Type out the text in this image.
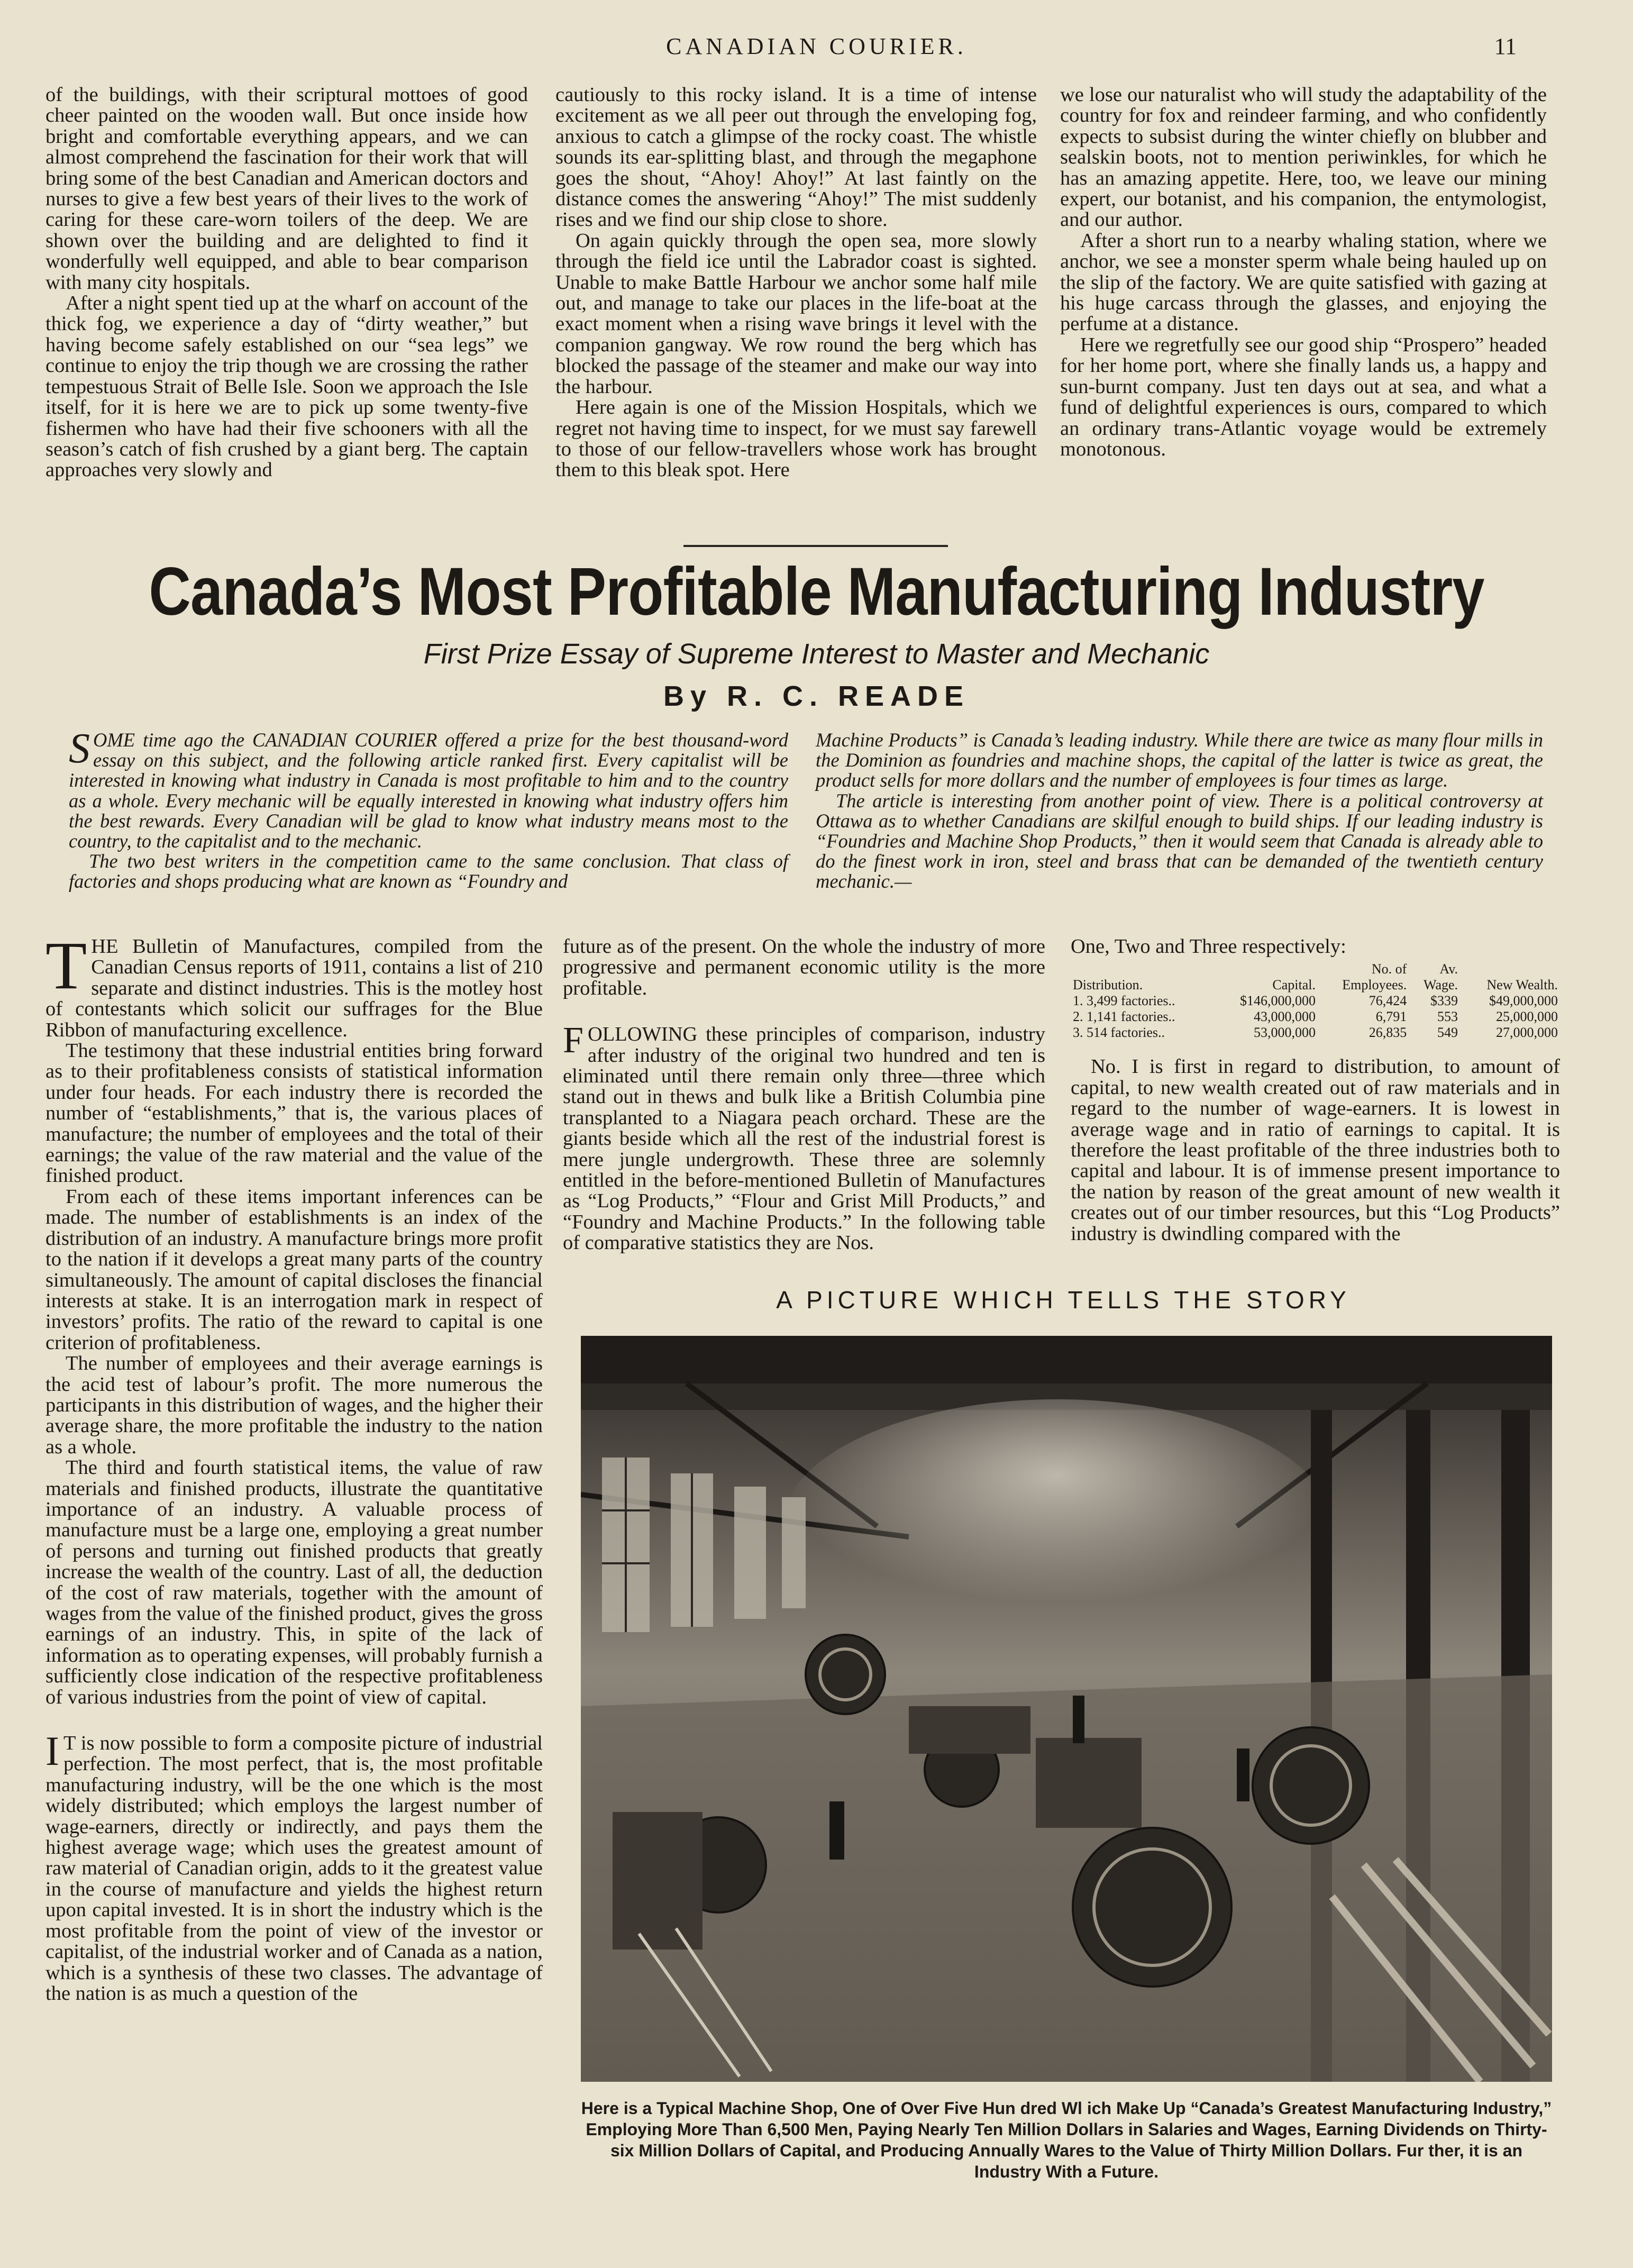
CANADIAN COURIER.	11

of the buildings, with their scriptural mottoes of good cheer painted on the wooden wall. But once inside how bright and comfortable everything appears, and we can almost comprehend the fascination for their work that will bring some of the best Canadian and American doctors and nurses to give a few best years of their lives to the work of caring for these care-worn toilers of the deep. We are shown over the building and are delighted to find it wonderfully well equipped, and able to bear comparison with many city hospitals.

After a night spent tied up at the wharf on account of the thick fog, we experience a day of “dirty weather,” but having become safely established on our “sea legs” we continue to enjoy the trip though we are crossing the rather tempestuous Strait of Belle Isle. Soon we approach the Isle itself, for it is here we are to pick up some twenty-five fishermen who have had their five schooners with all the season’s catch of fish crushed by a giant berg. The captain approaches very slowly and

cautiously to this rocky island. It is a time of intense excitement as we all peer out through the enveloping fog, anxious to catch a glimpse of the rocky coast. The whistle sounds its ear-splitting blast, and through the megaphone goes the shout, “Ahoy! Ahoy!” At last faintly on the distance comes the answering “Ahoy!” The mist suddenly rises and we find our ship close to shore.

On again quickly through the open sea, more slowly through the field ice until the Labrador coast is sighted. Unable to make Battle Harbour we anchor some half mile out, and manage to take our places in the life-boat at the exact moment when a rising wave brings it level with the companion gangway. We row round the berg which has blocked the passage of the steamer and make our way into the harbour.

Here again is one of the Mission Hospitals, which we regret not having time to inspect, for we must say farewell to those of our fellow-travellers whose work has brought them to this bleak spot. Here

we lose our naturalist who will study the adaptability of the country for fox and reindeer farming, and who confidently expects to subsist during the winter chiefly on blubber and sealskin boots, not to mention periwinkles, for which he has an amazing appetite. Here, too, we leave our mining expert, our botanist, and his companion, the entymologist, and our author.

After a short run to a nearby whaling station, where we anchor, we see a monster sperm whale being hauled up on the slip of the factory. We are quite satisfied with gazing at his huge carcass through the glasses, and enjoying the perfume at a distance.

Here we regretfully see our good ship “Prospero” headed for her home port, where she finally lands us, a happy and sun-burnt company. Just ten days out at sea, and what a fund of delightful experiences is ours, compared to which an ordinary trans-Atlantic voyage would be extremely monotonous.

Canada’s Most Profitable Manufacturing Industry
First Prize Essay of Supreme Interest to Master and Mechanic
By R. C. READE

SOME time ago the CANADIAN COURIER offered a prize for the best thousand-word essay on this subject, and the following article ranked first. Every capitalist will be interested in knowing what industry in Canada is most profitable to him and to the country as a whole. Every mechanic will be equally interested in knowing what industry offers him the best rewards. Every Canadian will be glad to know what industry means most to the country, to the capitalist and to the mechanic.

The two best writers in the competition came to the same conclusion. That class of factories and shops producing what are known as “Foundry and

Machine Products” is Canada’s leading industry. While there are twice as many flour mills in the Dominion as foundries and machine shops, the capital of the latter is twice as great, the product sells for more dollars and the number of employees is four times as large.

The article is interesting from another point of view. There is a political controversy at Ottawa as to whether Canadians are skilful enough to build ships. If our leading industry is “Foundries and Machine Shop Products,” then it would seem that Canada is already able to do the finest work in iron, steel and brass that can be demanded of the twentieth century mechanic.—

THE Bulletin of Manufactures, compiled from the Canadian Census reports of 1911, contains a list of 210 separate and distinct industries. This is the motley host of contestants which solicit our suffrages for the Blue Ribbon of manufacturing excellence.

The testimony that these industrial entities bring forward as to their profitableness consists of statistical information under four heads. For each industry there is recorded the number of “establishments,” that is, the various places of manufacture; the number of employees and the total of their earnings; the value of the raw material and the value of the finished product.

From each of these items important inferences can be made. The number of establishments is an index of the distribution of an industry. A manufacture brings more profit to the nation if it develops a great many parts of the country simultaneously. The amount of capital discloses the financial interests at stake. It is an interrogation mark in respect of investors’ profits. The ratio of the reward to capital is one criterion of profitableness.

The number of employees and their average earnings is the acid test of labour’s profit. The more numerous the participants in this distribution of wages, and the higher their average share, the more profitable the industry to the nation as a whole.

The third and fourth statistical items, the value of raw materials and finished products, illustrate the quantitative importance of an industry. A valuable process of manufacture must be a large one, employing a great number of persons and turning out finished products that greatly increase the wealth of the country. Last of all, the deduction of the cost of raw materials, together with the amount of wages from the value of the finished product, gives the gross earnings of an industry. This, in spite of the lack of information as to operating expenses, will probably furnish a sufficiently close indication of the respective profitableness of various industries from the point of view of capital.

I T is now possible to form a composite picture of industrial perfection. The most perfect, that is, the most profitable manufacturing industry, will be the one which is the most widely distributed; which employs the largest number of wage-earners, directly or indirectly, and pays them the highest average wage; which uses the greatest amount of raw material of Canadian origin, adds to it the greatest value in the course of manufacture and yields the highest return upon capital invested. It is in short the industry which is the most profitable from the point of view of the investor or capitalist, of the industrial worker and of Canada as a nation, which is a synthesis of these two classes. The advantage of the nation is as much a question of the

future as of the present. On the whole the industry of more progressive and permanent economic utility is the more profitable.

FOLLOWING these principles of comparison, industry after industry of the original two hundred and ten is eliminated until there remain only three—three which stand out in thews and bulk like a British Columbia pine transplanted to a Niagara peach orchard. These are the giants beside which all the rest of the industrial forest is mere jungle undergrowth. These three are solemnly entitled in the before-mentioned Bulletin of Manufactures as “Log Products,” “Flour and Grist Mill Products,” and “Foundry and Machine Products.” In the following table of comparative statistics they are Nos.

One, Two and Three respectively:

		No. of	Av.	
Distribution.	Capital.	Employees.	Wage.	New Wealth.
1. 3,499 factories..	$146,000,000	76,424	$339	$49,000,000
2. 1,141 factories..	43,000,000	6,791	553	25,000,000
3. 514 factories..	53,000,000	26,835	549	27,000,000

No. I is first in regard to distribution, to amount of capital, to new wealth created out of raw materials and in regard to the number of wage-earners. It is lowest in average wage and in ratio of earnings to capital. It is therefore the least profitable of the three industries both to capital and labour. It is of immense present importance to the nation by reason of the great amount of new wealth it creates out of our timber resources, but this “Log Products” industry is dwindling compared with the

A PICTURE WHICH TELLS THE STORY
Here is a Typical Machine Shop, One of Over Five Hun dred Wl ich Make Up “Canada’s Greatest Manufacturing Industry,” Employing More Than 6,500 Men, Paying Nearly Ten Million Dollars in Salaries and Wages, Earning Dividends on Thirty-six Million Dollars of Capital, and Producing Annually Wares to the Value of Thirty Million Dollars. Fur ther, it is an Industry With a Future.
